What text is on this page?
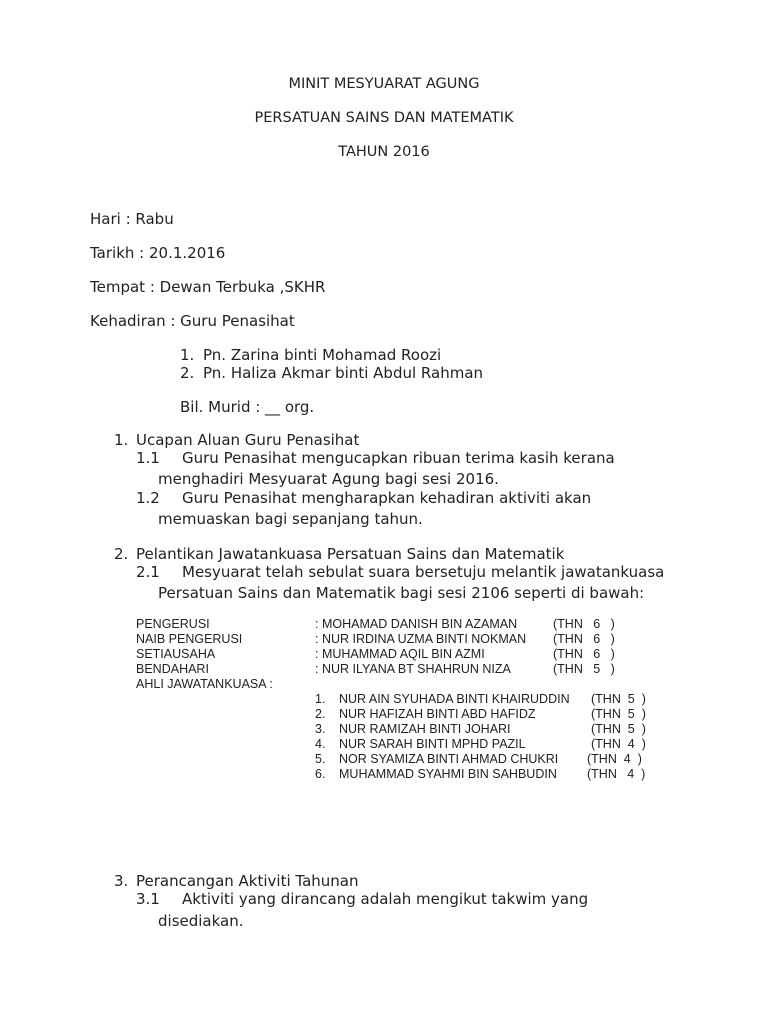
MINIT MESYUARAT AGUNG
PERSATUAN SAINS DAN MATEMATIK
TAHUN 2016
Hari : Rabu
Tarikh : 20.1.2016
Tempat : Dewan Terbuka ,SKHR
Kehadiran : Guru Penasihat
1. Pn. Zarina binti Mohamad Roozi
2. Pn. Haliza Akmar binti Abdul Rahman
Bil. Murid : __ org.
1. Ucapan Aluan Guru Penasihat
1.1 Guru Penasihat mengucapkan ribuan terima kasih kerana
menghadiri Mesyuarat Agung bagi sesi 2016.
1.2 Guru Penasihat mengharapkan kehadiran aktiviti akan
memuaskan bagi sepanjang tahun.
2. Pelantikan Jawatankuasa Persatuan Sains dan Matematik
2.1 Mesyuarat telah sebulat suara bersetuju melantik jawatankuasa
Persatuan Sains dan Matematik bagi sesi 2106 seperti di bawah:
PENGERUSI	: MOHAMAD DANISH BIN AZAMAN	(THN   6   )
NAIB PENGERUSI	: NUR IRDINA UZMA BINTI NOKMAN (THN   6   )
SETIAUSAHA	: MUHAMMAD AQIL BIN AZMI	(THN   6   )
BENDAHARI	: NUR ILYANA BT SHAHRUN NIZA	(THN   5   )
AHLI JAWATANKUASA :
1. NUR AIN SYUHADA BINTI KHAIRUDDIN (THN  5  )
2. NUR HAFIZAH BINTI ABD HAFIDZ	(THN  5  )
3. NUR RAMIZAH BINTI JOHARI	(THN  5  )
4. NUR SARAH BINTI MPHD PAZIL	(THN  4  )
5. NOR SYAMIZA BINTI AHMAD CHUKRI (THN  4  )
6. MUHAMMAD SYAHMI BIN SAHBUDIN (THN   4  )
3. Perancangan Aktiviti Tahunan
3.1 Aktiviti yang dirancang adalah mengikut takwim yang
disediakan.
